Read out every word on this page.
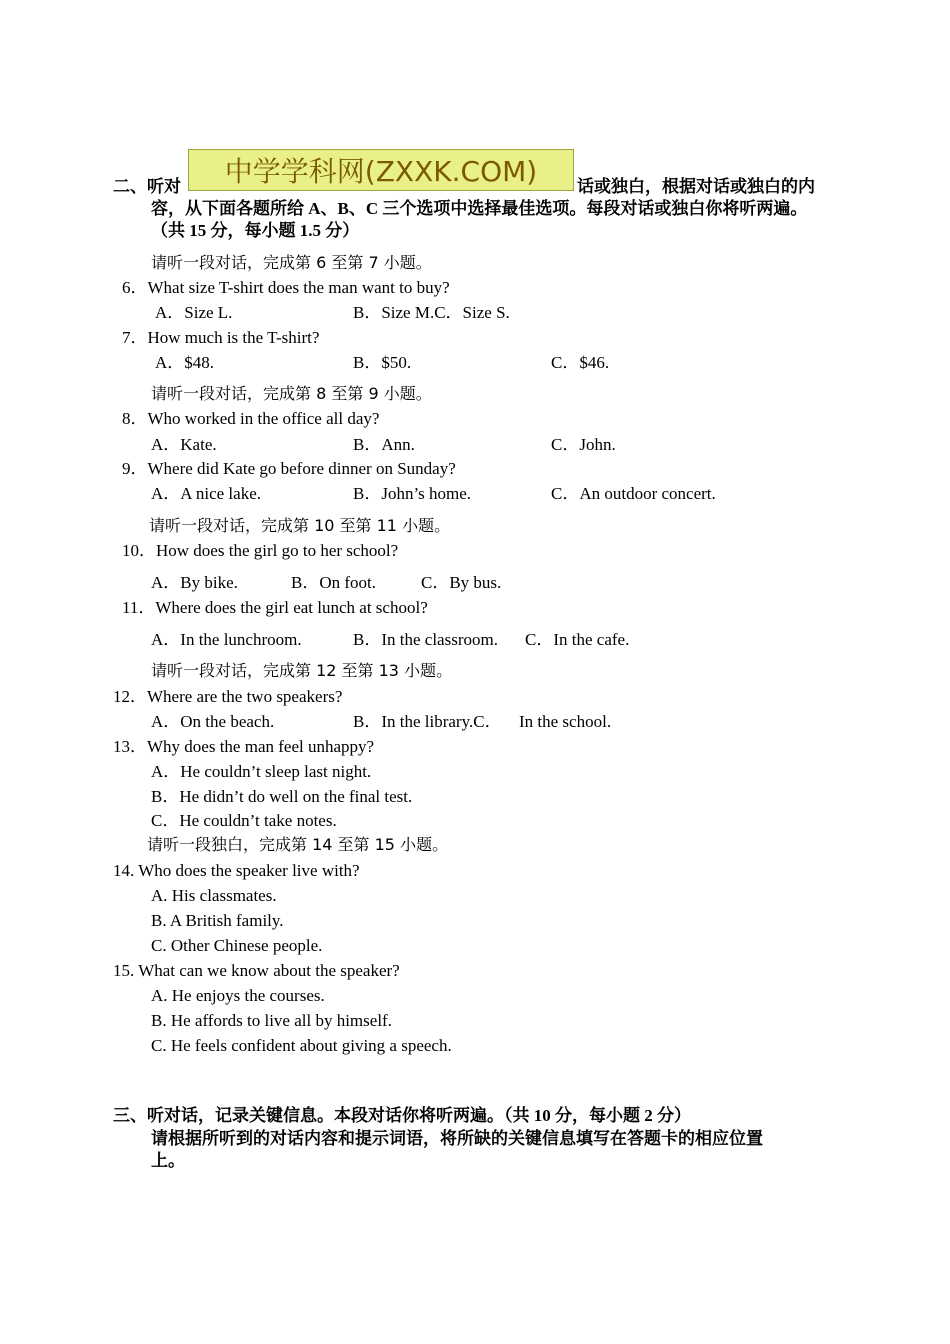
二、听对	中学学科网(ZXXK.COM)	话或独白，根据对话或独白的内
容，从下面各题所给 A、B、C 三个选项中选择最佳选项。每段对话或独白你将听两遍。
（共 15 分，每小题 1.5 分）
请听一段对话，完成第 6 至第 7 小题。
6．What size T-shirt does the man want to buy?
A．Size L.	B．Size M.C．Size S.
7．How much is the T-shirt?
A．$48.	B．$50.	C．$46.
请听一段对话，完成第 8 至第 9 小题。
8．Who worked in the office all day?
A．Kate.	B．Ann.	C．John.
9．Where did Kate go before dinner on Sunday?
A．A nice lake.	B．John’s home.	C．An outdoor concert.
请听一段对话，完成第 10 至第 11 小题。
10．How does the girl go to her school?
A．By bike.	B．On foot.	C．By bus.
11．Where does the girl eat lunch at school?
A．In the lunchroom.	B．In the classroom. C．In the cafe.
请听一段对话，完成第 12 至第 13 小题。
12．Where are the two speakers?
A．On the beach.	B．In the library.C． In the school.
13．Why does the man feel unhappy?
A．He couldn’t sleep last night.
B．He didn’t do well on the final test.
C．He couldn’t take notes.
请听一段独白，完成第 14 至第 15 小题。
14. Who does the speaker live with?
A. His classmates.
B. A British family.
C. Other Chinese people.
15. What can we know about the speaker?
A. He enjoys the courses.
B. He affords to live all by himself.
C. He feels confident about giving a speech.
三、听对话，记录关键信息。本段对话你将听两遍。（共 10 分，每小题 2 分）
请根据所听到的对话内容和提示词语，将所缺的关键信息填写在答题卡的相应位置
上。
